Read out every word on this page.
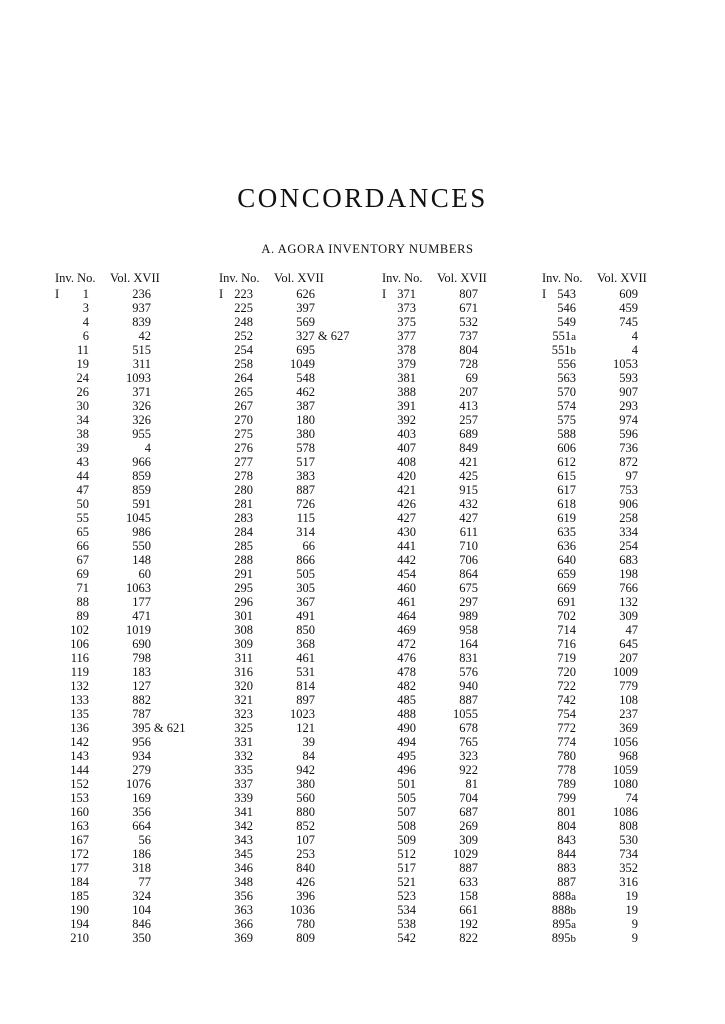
CONCORDANCES
A. AGORA INVENTORY NUMBERS
Inv. No. Vol. XVII
I	1	236
3	937
4	839
6	42
11	515
19	311
24	1093
26	371
30	326
34	326
38	955
39	4
43	966
44	859
47	859
50	591
55	1045
65	986
66	550
67	148
69	60
71	1063
88	177
89	471
102	1019
106	690
116	798
119	183
132	127
133	882
135	787
136	395 & 621
142	956
143	934
144	279
152	1076
153	169
160	356
163	664
167	56
172	186
177	318
184	77
185	324
190	104
194	846
210	350
Inv. No. Vol. XVII
I 223	626
225	397
248	569
252	327 & 627
254	695
258	1049
264	548
265	462
267	387
270	180
275	380
276	578
277	517
278	383
280	887
281	726
283	115
284	314
285	66
288	866
291	505
295	305
296	367
301	491
308	850
309	368
311	461
316	531
320	814
321	897
323	1023
325	121
331	39
332	84
335	942
337	380
339	560
341	880
342	852
343	107
345	253
346	840
348	426
356	396
363	1036
366	780
369	809
Inv. No. Vol. XVII
I 371	807
373	671
375	532
377	737
378	804
379	728
381	69
388	207
391	413
392	257
403	689
407	849
408	421
420	425
421	915
426	432
427	427
430	611
441	710
442	706
454	864
460	675
461	297
464	989
469	958
472	164
476	831
478	576
482	940
485	887
488	1055
490	678
494	765
495	323
496	922
501	81
505	704
507	687
508	269
509	309
512	1029
517	887
521	633
523	158
534	661
538	192
542	822
Inv. No. Vol. XVII
I 543	609
546	459
549	745
551a	4
551b	4
556	1053
563	593
570	907
574	293
575	974
588	596
606	736
612	872
615	97
617	753
618	906
619	258
635	334
636	254
640	683
659	198
669	766
691	132
702	309
714	47
716	645
719	207
720	1009
722	779
742	108
754	237
772	369
774	1056
780	968
778	1059
789	1080
799	74
801	1086
804	808
843	530
844	734
883	352
887	316
888a	19
888b	19
895a	9
895b	9
